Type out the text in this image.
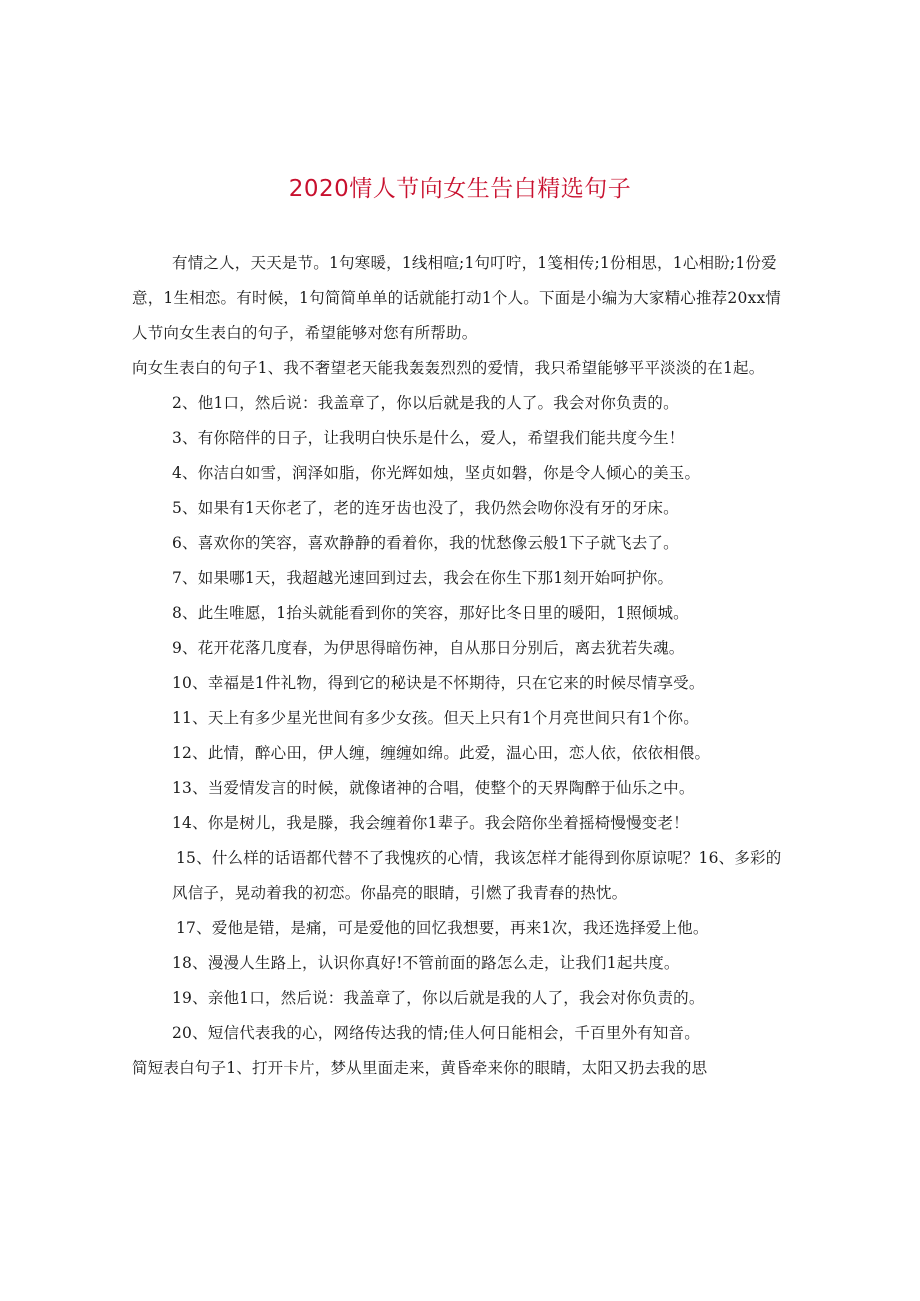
2020情人节向女生告白精选句子

有情之人，天天是节。1句寒暖，1线相喧;1句叮咛，1笺相传;1份相思，1心相盼;1份爱意，1生相恋。有时候，1句简简单单的话就能打动1个人。下面是小编为大家精心推荐20xx情人节向女生表白的句子，希望能够对您有所帮助。

向女生表白的句子1、我不奢望老天能我轰轰烈烈的爱情，我只希望能够平平淡淡的在1起。

2、他1口，然后说：我盖章了，你以后就是我的人了。我会对你负责的。

3、有你陪伴的日子，让我明白快乐是什么，爱人，希望我们能共度今生！

4、你洁白如雪，润泽如脂，你光辉如烛，坚贞如磐，你是令人倾心的美玉。

5、如果有1天你老了，老的连牙齿也没了，我仍然会吻你没有牙的牙床。

6、喜欢你的笑容，喜欢静静的看着你，我的忧愁像云般1下子就飞去了。

7、如果哪1天，我超越光速回到过去，我会在你生下那1刻开始呵护你。

8、此生唯愿，1抬头就能看到你的笑容，那好比冬日里的暖阳，1照倾城。

9、花开花落几度春，为伊思得暗伤神，自从那日分别后，离去犹若失魂。

10、幸福是1件礼物，得到它的秘诀是不怀期待，只在它来的时候尽情享受。

11、天上有多少星光世间有多少女孩。但天上只有1个月亮世间只有1个你。

12、此情，醉心田，伊人缠，缠缠如绵。此爱，温心田，恋人依，依依相偎。

13、当爱情发言的时候，就像诸神的合唱，使整个的天界陶醉于仙乐之中。

14、你是树儿，我是滕，我会缠着你1辈子。我会陪你坐着摇椅慢慢变老！

15、什么样的话语都代替不了我愧疚的心情，我该怎样才能得到你原谅呢？16、多彩的风信子，晃动着我的初恋。你晶亮的眼睛，引燃了我青春的热忱。

17、爱他是错，是痛，可是爱他的回忆我想要，再来1次，我还选择爱上他。

18、漫漫人生路上，认识你真好!不管前面的路怎么走，让我们1起共度。

19、亲他1口，然后说：我盖章了，你以后就是我的人了，我会对你负责的。

20、短信代表我的心，网络传达我的情;佳人何日能相会，千百里外有知音。

简短表白句子1、打开卡片，梦从里面走来，黄昏牵来你的眼睛，太阳又扔去我的思
